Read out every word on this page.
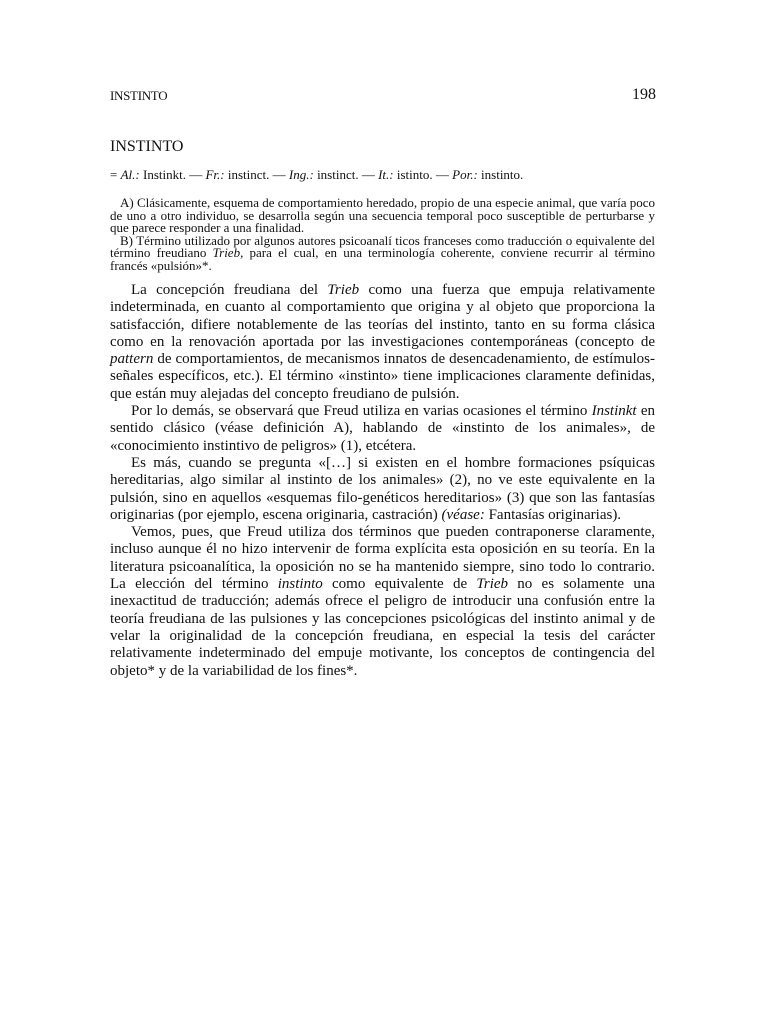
INSTINTO	198
INSTINTO

= Al.: Instinkt. — Fr.: instinct. — Ing.: instinct. — It.: istinto. — Por.: instinto.

A) Clásicamente, esquema de comportamiento heredado, propio de una especie animal, que varía poco de uno a otro individuo, se desarrolla según una secuencia temporal poco susceptible de perturbarse y que parece responder a una finalidad.

B) Término utilizado por algunos autores psicoanalí ticos franceses como traducción o equivalente del término freudiano Trieb, para el cual, en una terminología coherente, conviene recurrir al término francés «pulsión»*.

La concepción freudiana del Trieb como una fuerza que empuja relativamente indeterminada, en cuanto al comportamiento que origina y al objeto que proporciona la satisfacción, difiere notablemente de las teorías del instinto, tanto en su forma clásica como en la renovación aportada por las investigaciones contemporáneas (concepto de pattern de comportamientos, de mecanismos innatos de desencadenamiento, de estímulos-señales específicos, etc.). El término «instinto» tiene implicaciones claramente definidas, que están muy alejadas del concepto freudiano de pulsión.

Por lo demás, se observará que Freud utiliza en varias ocasiones el término Instinkt en sentido clásico (véase definición A), hablando de «instinto de los animales», de «conocimiento instintivo de peligros» (1), etcétera.

Es más, cuando se pregunta «[…] si existen en el hombre formaciones psíquicas hereditarias, algo similar al instinto de los animales» (2), no ve este equivalente en la pulsión, sino en aquellos «esquemas filo-genéticos hereditarios» (3) que son las fantasías originarias (por ejemplo, escena originaria, castración) (véase: Fantasías originarias).

Vemos, pues, que Freud utiliza dos términos que pueden contraponerse claramente, incluso aunque él no hizo intervenir de forma explícita esta oposición en su teoría. En la literatura psicoanalítica, la oposición no se ha mantenido siempre, sino todo lo contrario. La elección del término instinto como equivalente de Trieb no es solamente una inexactitud de traducción; además ofrece el peligro de introducir una confusión entre la teoría freudiana de las pulsiones y las concepciones psicológicas del instinto animal y de velar la originalidad de la concepción freudiana, en especial la tesis del carácter relativamente indeterminado del empuje motivante, los conceptos de contingencia del objeto* y de la variabilidad de los fines*.
